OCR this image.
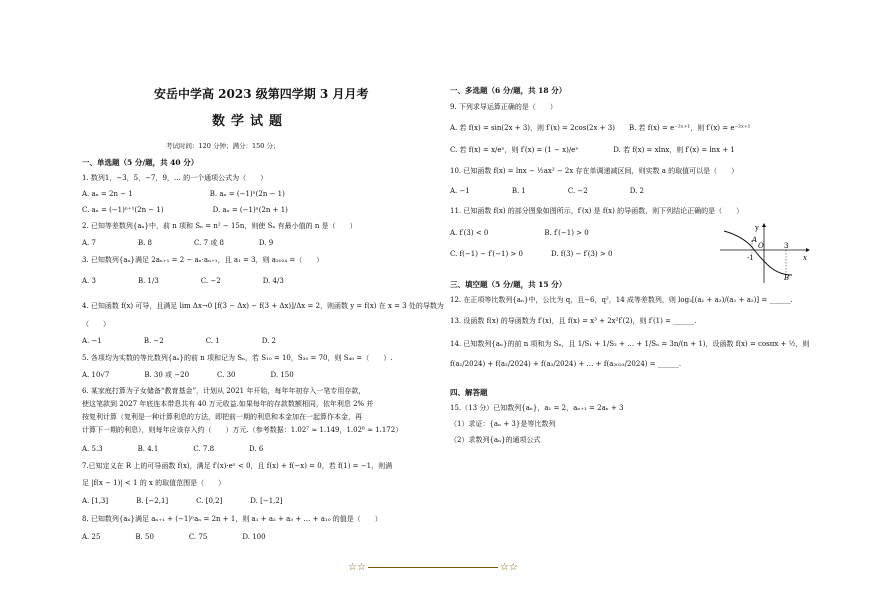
安岳中学高 2023 级第四学期 3 月月考
数学试题
考试时间：120 分钟；满分：150 分；
一、单选题（5 分/题，共 40 分）
1. 数列1，−3，5，−7，9，… 的一个通项公式为（　　）
A. aₙ = 2n − 1　　　　　　　　　　　B. aₙ = (−1)ⁿ(2n − 1)
C. aₙ = (−1)ⁿ⁺¹(2n − 1)　　　　　　　D. aₙ = (−1)ⁿ(2n + 1)
2. 已知等差数列{aₙ}中，前 n 项和 Sₙ = n² − 15n，则使 Sₙ 有最小值的 n 是（　　）
A. 7　　　　　　B. 8　　　　　　C. 7 或 8　　　　　D. 9
3. 已知数列{aₙ}满足 2aₙ₊₁ = 2 − aₙ·aₙ₊₁，且 a₁ = 3，则 a₂₀₂₄ =（　　）
A. 3　　　　　　B. 1/3　　　　　　C. −2　　　　　　D. 4/3
4. 已知函数 f(x) 可导，且满足 lim Δx→0 [f(3 − Δx) − f(3 + Δx)]/Δx = 2，则函数 y = f(x) 在 x = 3 处的导数为
（　　）
A. −1　　　　　　B. −2　　　　　　C. 1　　　　　　D. 2
5. 各项均为实数的等比数列{aₙ}的前 n 项和记为 Sₙ，若 S₁₀ = 10，S₃₀ = 70，则 S₄₀ =（　　）.
A. 10√7　　　　　B. 30 或 −20　　　　C. 30　　　　　D. 150
6. 某家庭打算为子女储备“教育基金”，计划从 2021 年开始，每年年初存入一笔专用存款，
使这笔款到 2027 年底连本带息共有 40 万元收益.如果每年的存款数额相同，依年利息 2% 并
按复利计算（复利是一种计算利息的方法，即把前一期的利息和本金加在一起算作本金，再
计算下一期的利息），则每年应该存入约（　　）万元.（参考数据：1.02⁷ ≈ 1.149，1.02⁸ ≈ 1.172）
A. 5.3　　　　　B. 4.1　　　　　C. 7.8　　　　　D. 6
7.已知定义在 R 上的可导函数 f(x)，满足 f′(x)·eˣ < 0，且 f(x) + f(−x) = 0，若 f(1) = −1，则满
足 |f(x − 1)| < 1 的 x 的取值范围是（　　）
A. [1,3]　　　　B. [−2,1]　　　　C. [0,2]　　　　D. [−1,2]
8. 已知数列{aₙ}满足 aₙ₊₁ + (−1)ⁿaₙ = 2n + 1，则 a₁ + a₂ + a₃ + … + a₁₀ 的值是（　　）
A. 25　　　　　B. 50　　　　　C. 75　　　　　D. 100
一、多选题（6 分/题，共 18 分）
9. 下列求导运算正确的是（　　）
A. 若 f(x) = sin(2x + 3)，则 f′(x) = 2cos(2x + 3)　　B. 若 f(x) = e⁻²ˣ⁺¹，则 f′(x) = e⁻²ˣ⁺¹
C. 若 f(x) = x/eˣ，则 f′(x) = (1 − x)/eˣ　　　　　D. 若 f(x) = xlnx，则 f′(x) = lnx + 1
10. 已知函数 f(x) = lnx − ½ax² − 2x 存在单调递减区间，则实数 a 的取值可以是（　　）
A. −1　　　　　　B. 1　　　　　　C. −2　　　　　　D. 2
11. 已知函数 f(x) 的部分图象如图所示，f′(x) 是 f(x) 的导函数，则下列结论正确的是（　　）
A. f′(3) < 0　　　　　　　　B. f′(−1) > 0
C. f(−1) − f′(−1) > 0　　　　D. f(3) − f′(3) > 0
三、填空题（5 分/题，共 15 分）
12. 在正项等比数列{aₙ}中，公比为 q，且−6，q²，14 成等差数列，则 log₂[(a₁ + a₃)/(a₁ + a₂)] = ______.
13. 设函数 f(x) 的导函数为 f′(x)，且 f(x) = x³ + 2x²f′(2)，则 f′(1) = ______.
14. 已知数列{aₙ}的前 n 项和为 Sₙ，且 1/S₁ + 1/S₂ + … + 1/Sₙ = 3n/(n + 1)，设函数 f(x) = cosπx + ½，则
f(a₁/2024) + f(a₂/2024) + f(a₃/2024) + … + f(a₂₀₂₃/2024) = ______.
四、解答题
15.（13 分）已知数列{aₙ}，a₁ = 2，aₙ₊₁ = 2aₙ + 3
（1）求证：{aₙ + 3}是等比数列
（2）求数列{aₙ}的通项公式
y
A
O	3
-1	x
B
☆☆	☆☆
